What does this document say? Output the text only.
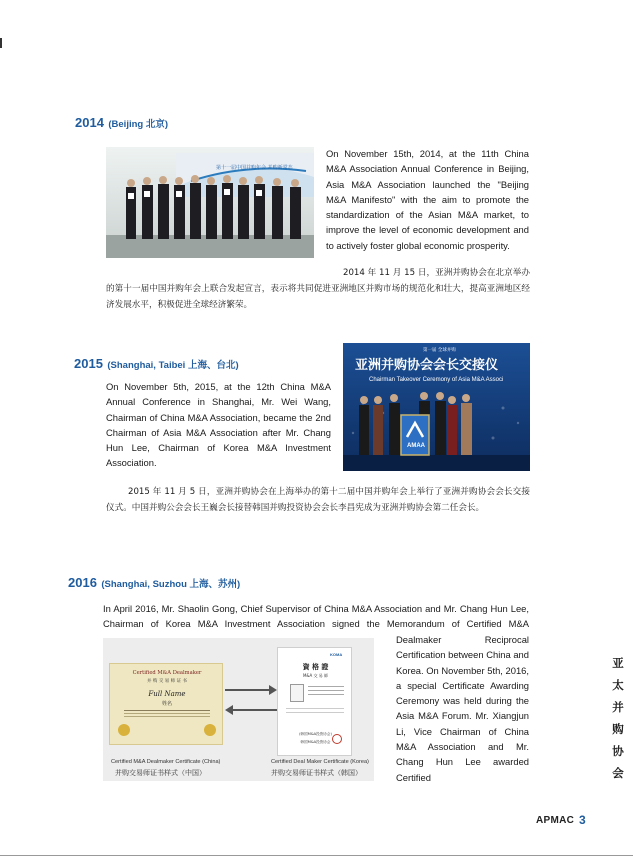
2014 (Beijing 北京)
第十一届中国并购年会 并购新常态
On November 15th, 2014, at the 11th China M&A Association Annual Conference in Beijing, Asia M&A Association launched the "Beijing M&A Manifesto" with the aim to promote the standardization of the Asian M&A market, to improve the level of economic development and to actively foster global economic prosperity.
2014 年 11 月 15 日，亚洲并购协会在北京举办的第十一届中国并购年会上联合发起宣言，表示将共同促进亚洲地区并购市场的规范化和壮大，提高亚洲地区经济发展水平，积极促进全球经济繁荣。
2015 (Shanghai, Taibei 上海、台北)
On November 5th, 2015, at the 12th China M&A Annual Conference in Shanghai, Mr. Wei Wang, Chairman of China M&A Association, became the 2nd Chairman of Asia M&A Association after Mr. Chang Hun Lee, Chairman of Korea M&A Investment Association.
第一届 全球并购
亚洲并购协会会长交接仪
Chairman Takeover Ceremony of Asia M&A Associ
AMAA
2015 年 11 月 5 日，亚洲并购协会在上海举办的第十二届中国并购年会上举行了亚洲并购协会会长交接仪式。中国并购公会会长王巍会长接替韩国并购投资协会会长李昌宪成为亚洲并购协会第二任会长。
2016 (Shanghai, Suzhou 上海、苏州)
In April 2016, Mr. Shaolin Gong, Chief Supervisor of China M&A Association and Mr. Chang Hun Lee, Chairman of Korea M&A Investment Association signed the Memorandum of Certified M&A
Dealmaker Reciprocal Certification between China and Korea. On November 5th, 2016, a special Certificate Awarding Ceremony was held during the Asia M&A Forum. Mr. Xiangjun Li, Vice Chairman of China M&A Association and Mr. Chang Hun Lee awarded Certified
Certified M&A Dealmaker
并 购 交 易 师 证 书
Full Name
姓名
KOMA
資 格 證
M&A 交 易 師
(韩国M&A投资协会)
韩国M&A投资协会
Certified M&A Dealmaker Certificate (China)
并购交易师证书样式（中国）
Certified Deal Maker Certificate (Korea)
并购交易师证书样式（韩国）
亚
太
并
购
协
会
APMAC 3
